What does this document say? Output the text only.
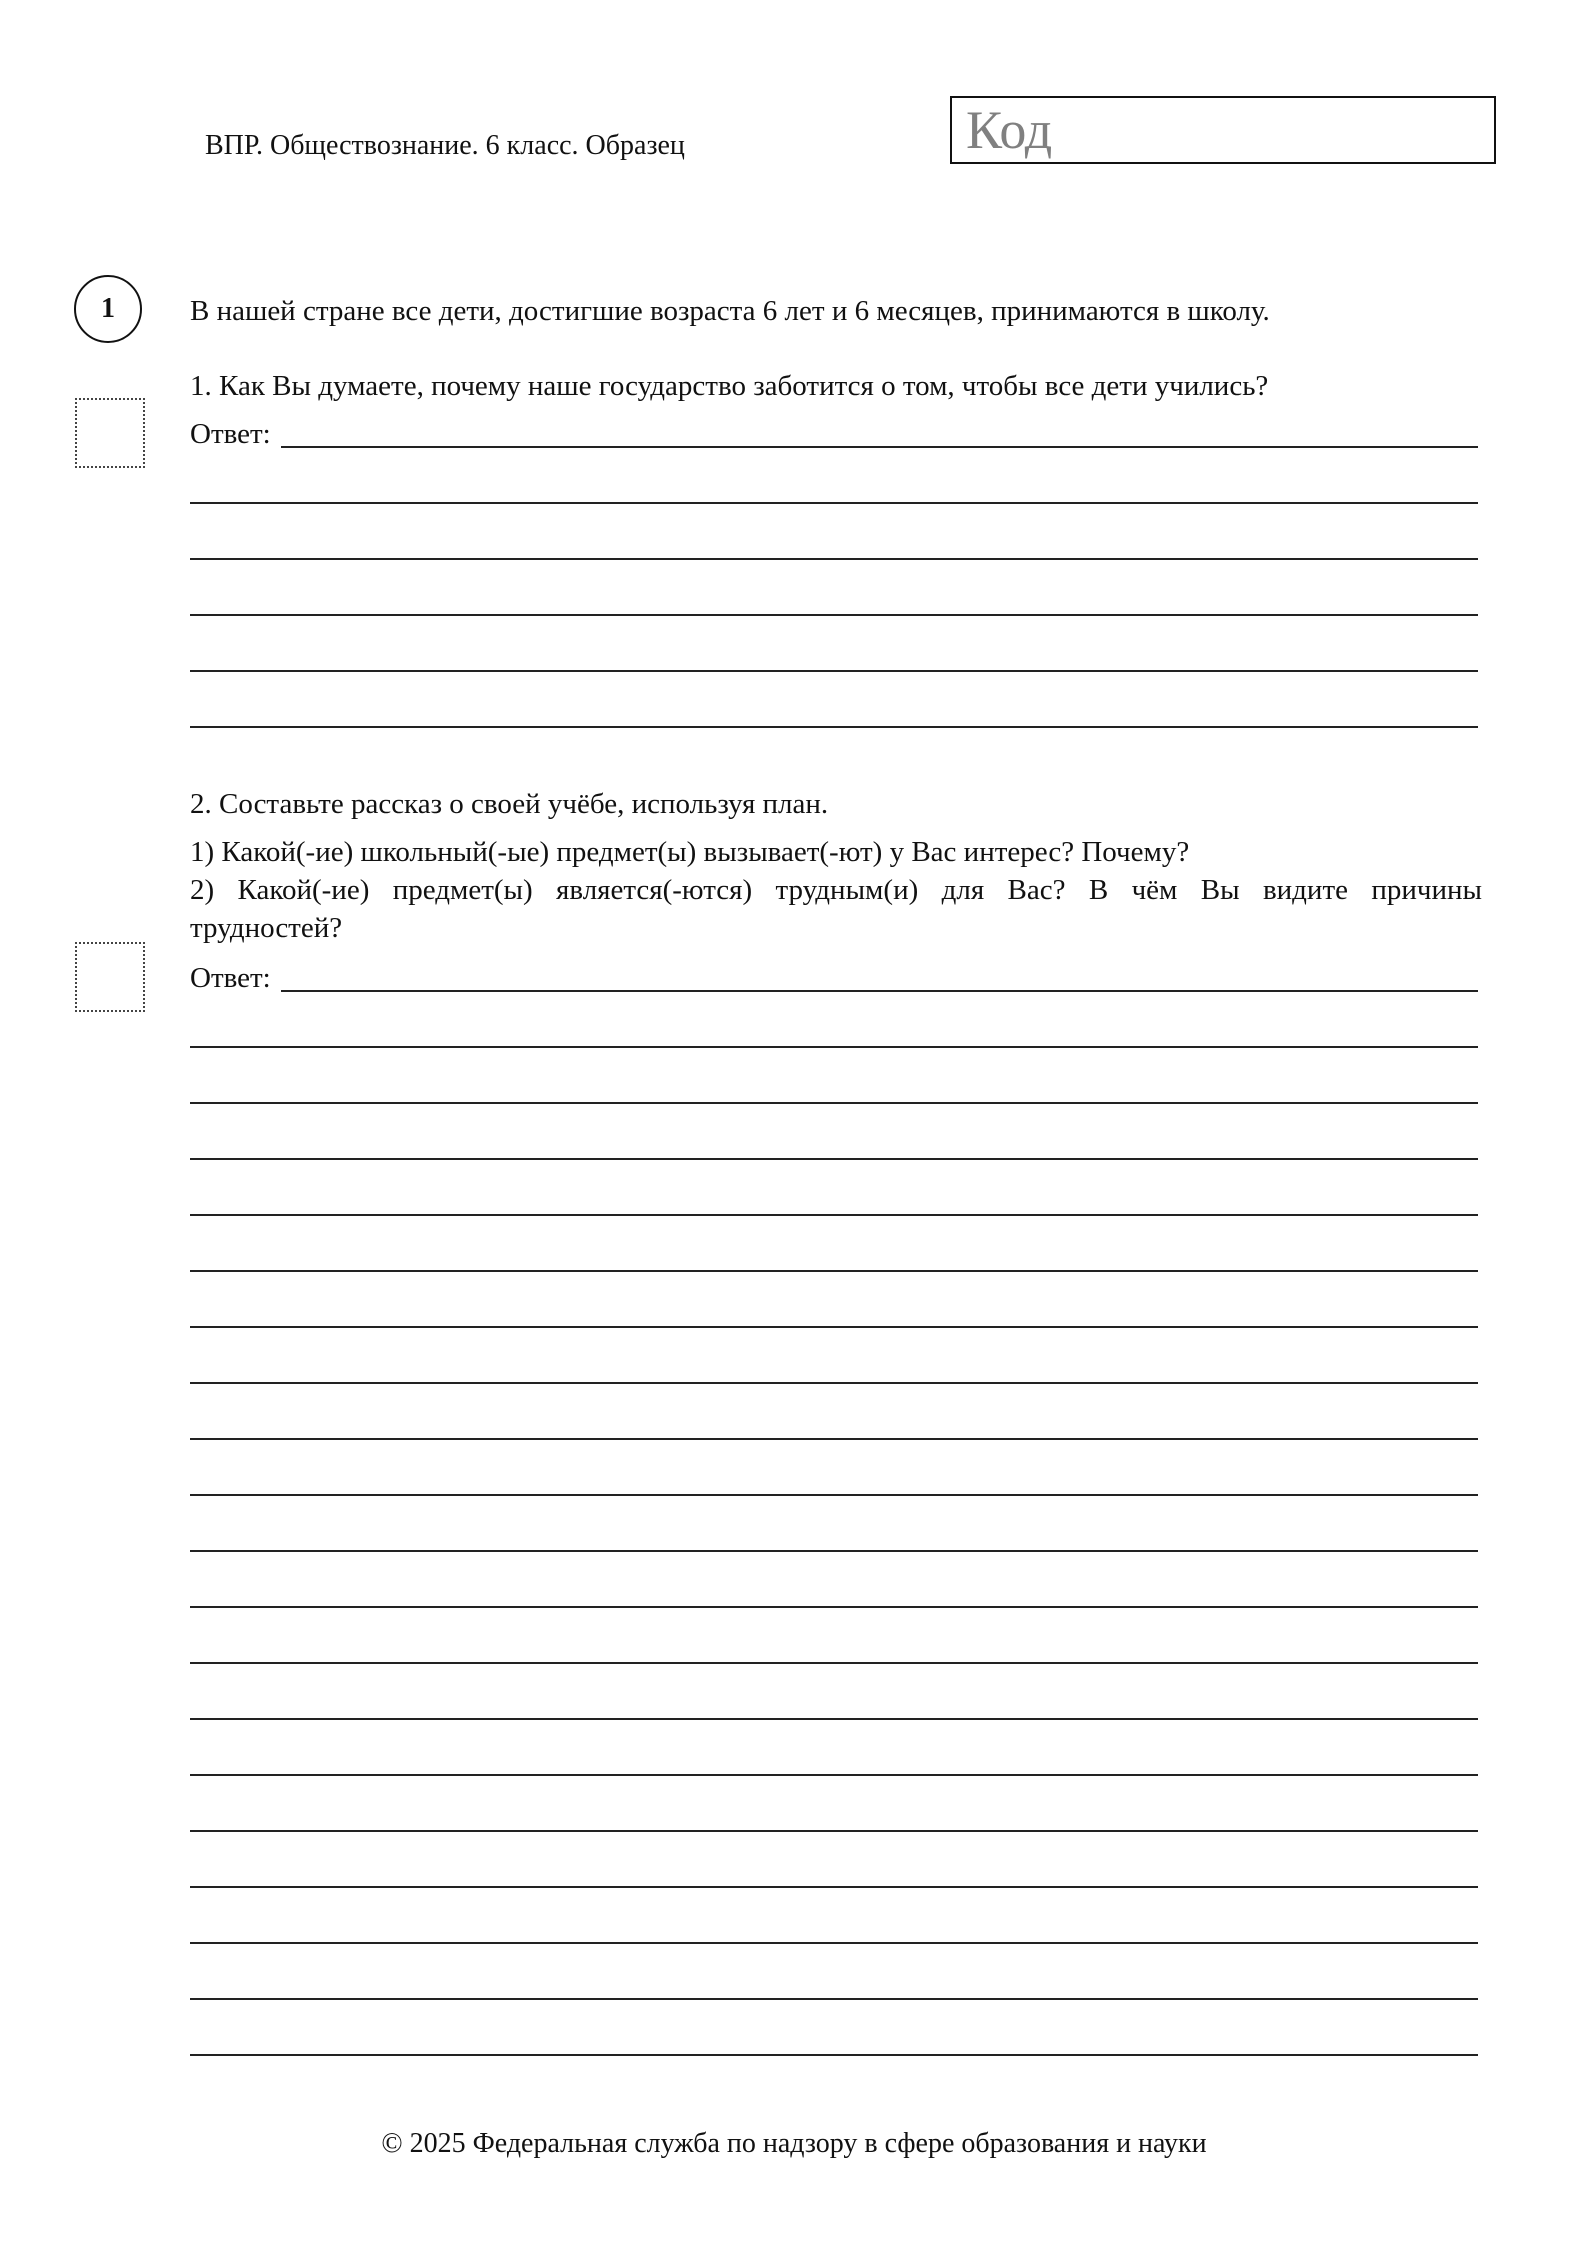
ВПР. Обществознание. 6 класс. Образец	Код
1	В нашей стране все дети, достигшие возраста 6 лет и 6 месяцев, принимаются в школу.
1. Как Вы думаете, почему наше государство заботится о том, чтобы все дети учились?
Ответ:
2. Составьте рассказ о своей учёбе, используя план.
1) Какой(-ие) школьный(-ые) предмет(ы) вызывает(-ют) у Вас интерес? Почему?
2) Какой(-ие) предмет(ы) является(-ются) трудным(и) для Вас? В чём Вы видите причины
трудностей?
Ответ:
© 2025 Федеральная служба по надзору в сфере образования и науки
